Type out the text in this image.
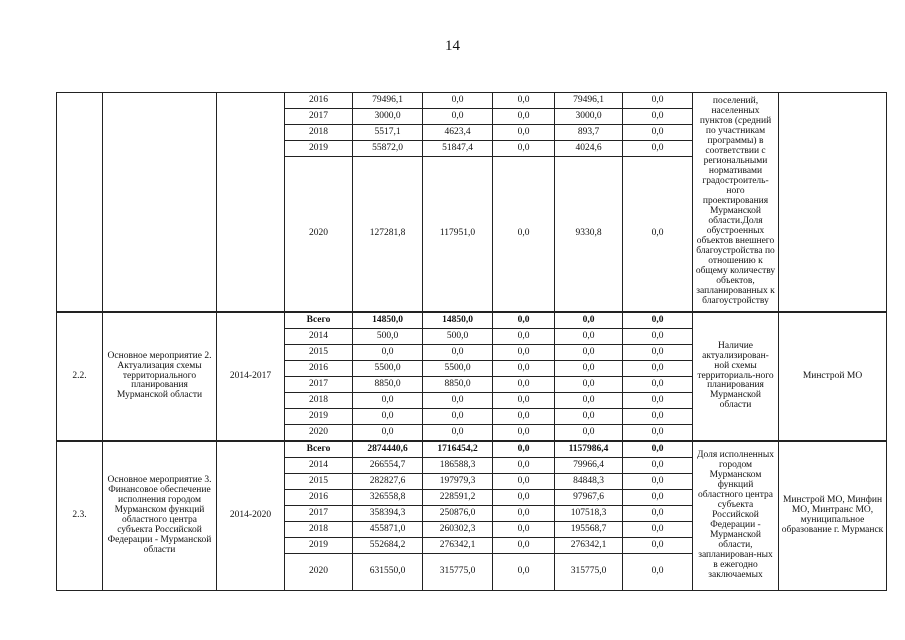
14
			2016	79496,1	0,0	0,0	79496,1	0,0	поселений, населенных пунктов (средний по участникам программы) в соответствии с региональными нормативами градостроитель-ного проектирования Мурманской области.Доля обустроенных объектов внешнего благоустройства по отношению к общему количеству объектов, запланированных к благоустройству	
			2017	3000,0	0,0	0,0	3000,0	0,0		
			2018	5517,1	4623,4	0,0	893,7	0,0		
			2019	55872,0	51847,4	0,0	4024,6	0,0		
			2020	127281,8	117951,0	0,0	9330,8	0,0		
2.2.	Основное мероприятие 2. Актуализация схемы территориального планирования Мурманской области	2014-2017	Всего	14850,0	14850,0	0,0	0,0	0,0	Наличие актуализирован-ной схемы территориаль-ного планирования Мурманской области	Минстрой МО
			2014	500,0	500,0	0,0	0,0	0,0		
			2015	0,0	0,0	0,0	0,0	0,0		
			2016	5500,0	5500,0	0,0	0,0	0,0		
			2017	8850,0	8850,0	0,0	0,0	0,0		
			2018	0,0	0,0	0,0	0,0	0,0		
			2019	0,0	0,0	0,0	0,0	0,0		
			2020	0,0	0,0	0,0	0,0	0,0		
2.3.	Основное мероприятие 3. Финансовое обеспечение исполнения городом Мурманском функций областного центра субъекта Российской Федерации - Мурманской области	2014-2020	Всего	2874440,6	1716454,2	0,0	1157986,4	0,0	Доля исполненных городом Мурманском функций областного центра субъекта Российской Федерации - Мурманской области, запланирован-ных в ежегодно заключаемых	Минстрой МО, Минфин МО, Минтранс МО, муниципальное образование г. Мурманск
			2014	266554,7	186588,3	0,0	79966,4	0,0		
			2015	282827,6	197979,3	0,0	84848,3	0,0		
			2016	326558,8	228591,2	0,0	97967,6	0,0		
			2017	358394,3	250876,0	0,0	107518,3	0,0		
			2018	455871,0	260302,3	0,0	195568,7	0,0		
			2019	552684,2	276342,1	0,0	276342,1	0,0		
			2020	631550,0	315775,0	0,0	315775,0	0,0		
